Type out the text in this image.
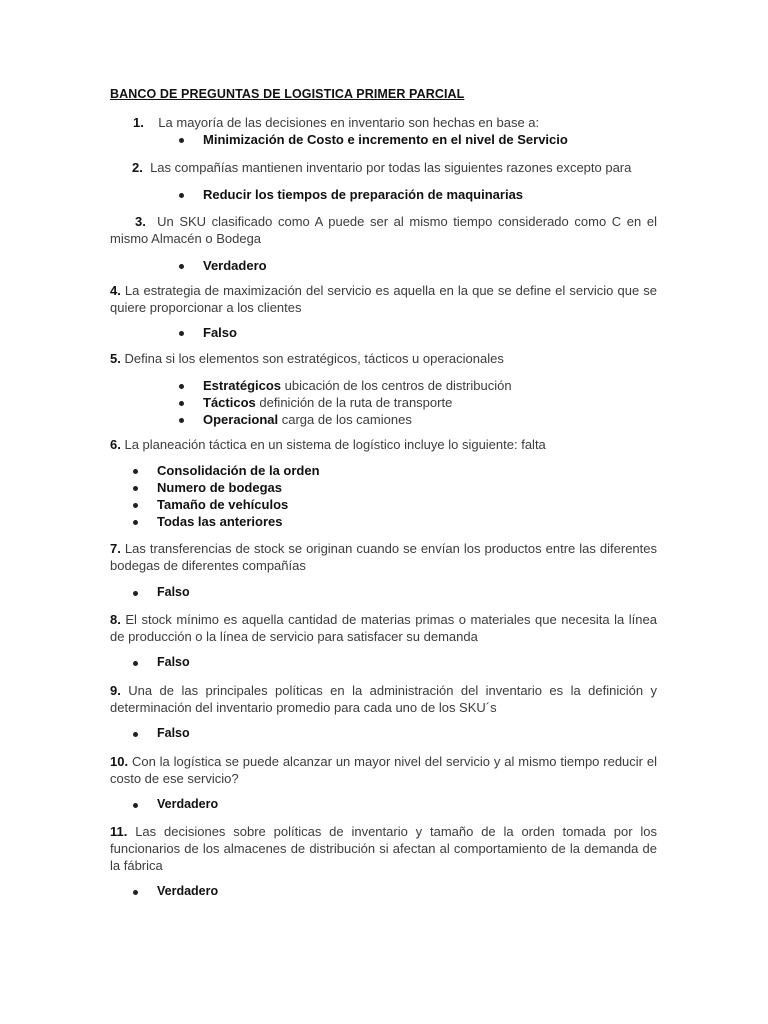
BANCO DE PREGUNTAS DE LOGISTICA PRIMER PARCIAL
1. La mayoría de las decisiones en inventario son hechas en base a:
Minimización de Costo e incremento en el nivel de Servicio
2. Las compañías mantienen inventario por todas las siguientes razones excepto para
Reducir los tiempos de preparación de maquinarias
3. Un SKU clasificado como A puede ser al mismo tiempo considerado como C en el mismo Almacén o Bodega
Verdadero
4. La estrategia de maximización del servicio es aquella en la que se define el servicio que se quiere proporcionar a los clientes
Falso
5. Defina si los elementos son estratégicos, tácticos u operacionales
Estratégicos ubicación de los centros de distribución
Tácticos definición de la ruta de transporte
Operacional carga de los camiones
6. La planeación táctica en un sistema de logístico incluye lo siguiente: falta
Consolidación de la orden
Numero de bodegas
Tamaño de vehículos
Todas las anteriores
7. Las transferencias de stock se originan cuando se envían los productos entre las diferentes bodegas de diferentes compañías
Falso
8. El stock mínimo es aquella cantidad de materias primas o materiales que necesita la línea de producción o la línea de servicio para satisfacer su demanda
Falso
9. Una de las principales políticas en la administración del inventario es la definición y determinación del inventario promedio para cada uno de los SKU´s
Falso
10. Con la logística se puede alcanzar un mayor nivel del servicio y al mismo tiempo reducir el costo de ese servicio?
Verdadero
11. Las decisiones sobre políticas de inventario y tamaño de la orden tomada por los funcionarios de los almacenes de distribución si afectan al comportamiento de la demanda de la fábrica
Verdadero
